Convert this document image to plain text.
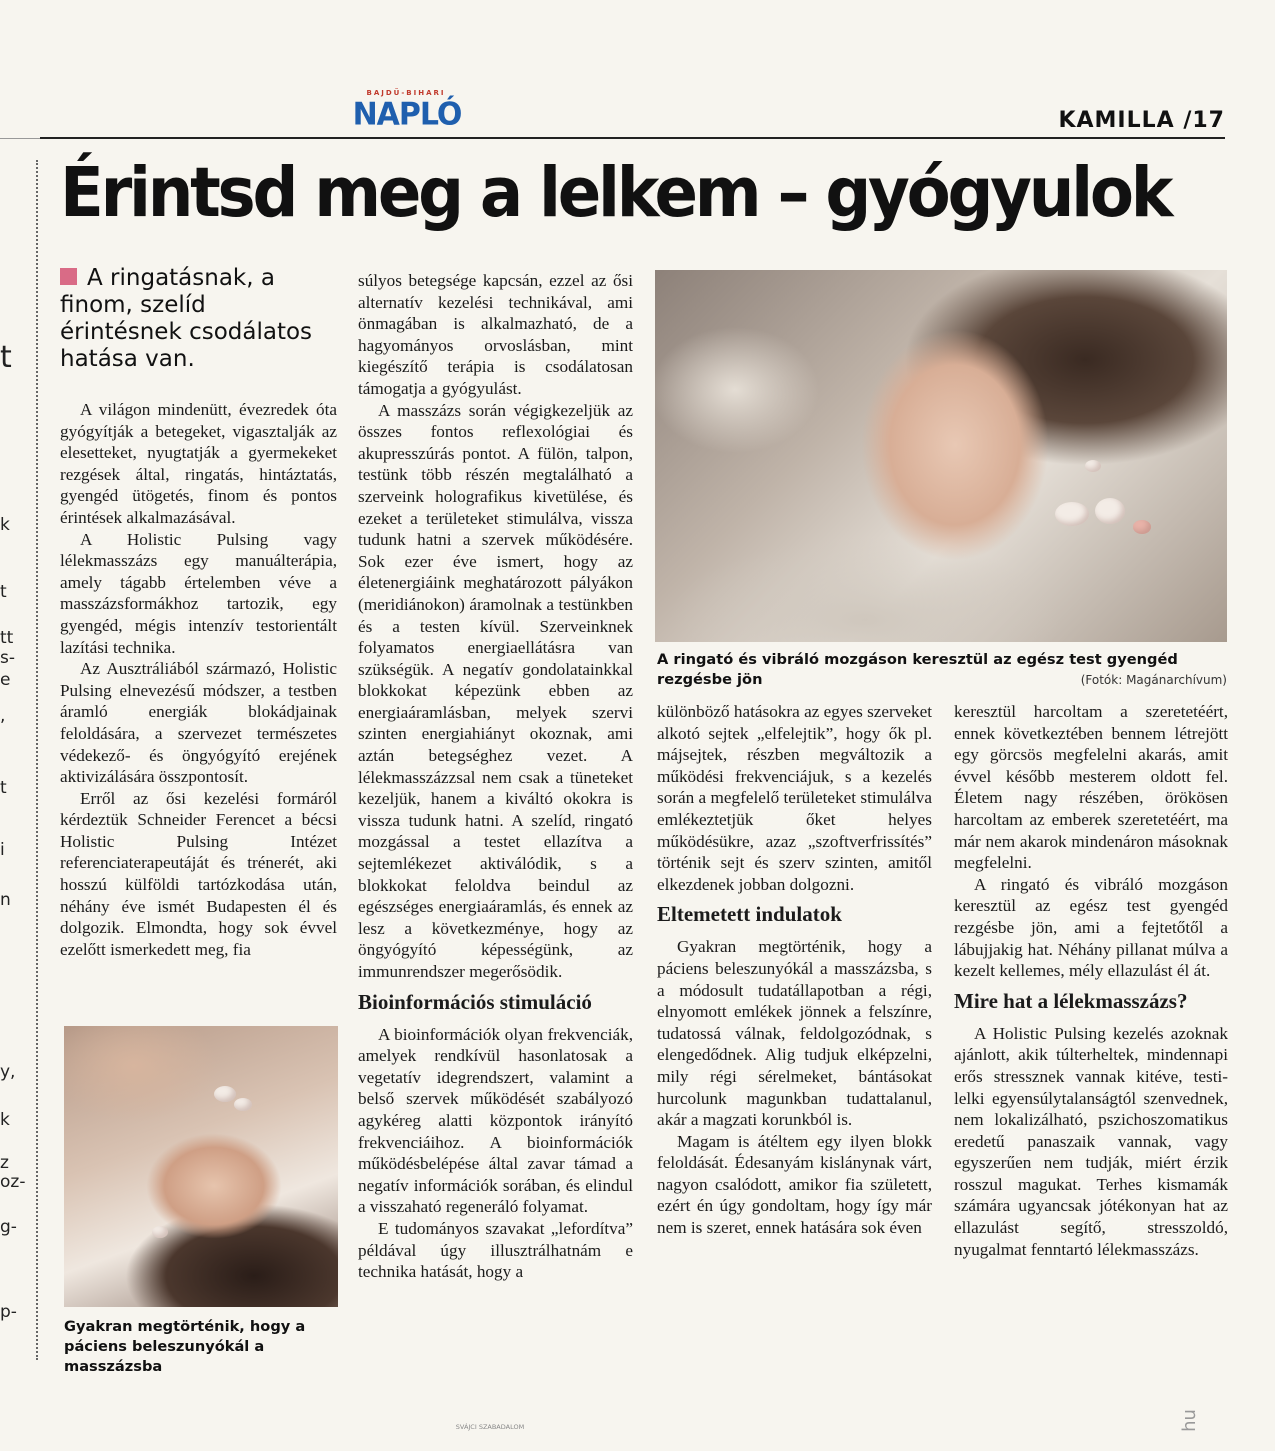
t
k
t
tt
s-
e
,
t
i
n
y,
k
z
oz-
g-
p-
BAJDŰ-BIHARI
NAPLÓ	KAMILLA /17
Érintsd meg a lelkem – gyógyulok
A ringatásnak, a finom, szelíd érintésnek csodálatos hatása van.

A világon mindenütt, évezredek óta gyógyítják a betegeket, vigasztalják az elesetteket, nyugtatják a gyermekeket rezgések által, ringatás, hintáztatás, gyengéd ütögetés, finom és pontos érintések alkalmazásával.

A Holistic Pulsing vagy lélekmasszázs egy manuálterápia, amely tágabb értelemben véve a masszázsformákhoz tartozik, egy gyengéd, mégis intenzív testorientált lazítási technika.

Az Ausztráliából származó, Holistic Pulsing elnevezésű módszer, a testben áramló energiák blokádjainak feloldására, a szervezet természetes védekező- és öngyógyító erejének aktivizálására összpontosít.

Erről az ősi kezelési formáról kérdeztük Schneider Ferencet a bécsi Holistic Pulsing Intézet referenciaterapeutáját és trénerét, aki hosszú külföldi tartózkodása után, néhány éve ismét Budapesten él és dolgozik. Elmondta, hogy sok évvel ezelőtt ismerkedett meg, fia

Gyakran megtörténik, hogy a páciens beleszunyókál a masszázsba

súlyos betegsége kapcsán, ezzel az ősi alternatív kezelési technikával, ami önmagában is alkalmazható, de a hagyományos orvoslásban, mint kiegészítő terápia is csodálatosan támogatja a gyógyulást.

A masszázs során végigkezeljük az összes fontos reflexológiai és akupresszúrás pontot. A fülön, talpon, testünk több részén megtalálható a szerveink holografikus kivetülése, és ezeket a területeket stimulálva, vissza tudunk hatni a szervek működésére. Sok ezer éve ismert, hogy az életenergiáink meghatározott pályákon (meridiánokon) áramolnak a testünkben és a testen kívül. Szerveinknek folyamatos energiaellátásra van szükségük. A negatív gondolatainkkal blokkokat képezünk ebben az energiaáramlásban, melyek szervi szinten energiahiányt okoznak, ami aztán betegséghez vezet. A lélekmasszázzsal nem csak a tüneteket kezeljük, hanem a kiváltó okokra is vissza tudunk hatni. A szelíd, ringató mozgással a testet ellazítva a sejtemlékezet aktiválódik, s a blokkokat feloldva beindul az egészséges energiaáramlás, és ennek az lesz a következménye, hogy az öngyógyító képességünk, az immunrendszer megerősödik.

Bioinformációs stimuláció

A bioinformációk olyan frekvenciák, amelyek rendkívül hasonlatosak a vegetatív idegrendszert, valamint a belső szervek működését szabályozó agykéreg alatti központok irányító frekvenciáihoz. A bioinformációk működésbelépése által zavar támad a negatív információk sorában, és elindul a visszaható regeneráló folyamat.

E tudományos szavakat „lefordítva” példával úgy illusztrálhatnám e technika hatását, hogy a

A ringató és vibráló mozgáson keresztül az egész test gyengéd rezgésbe jön	(Fotók: Magánarchívum)

különböző hatásokra az egyes szerveket alkotó sejtek „elfelejtik”, hogy ők pl. májsejtek, részben megváltozik a működési frekvenciájuk, s a kezelés során a megfelelő területeket stimulálva emlékeztetjük őket helyes működésükre, azaz „szoftverfrissítés” történik sejt és szerv szinten, amitől elkezdenek jobban dolgozni.

Eltemetett indulatok

Gyakran megtörténik, hogy a páciens beleszunyókál a masszázsba, s a módosult tudatállapotban a régi, elnyomott emlékek jönnek a felszínre, tudatossá válnak, feldolgozódnak, s elengedődnek. Alig tudjuk elképzelni, mily régi sérelmeket, bántásokat hurcolunk magunkban tudattalanul, akár a magzati korunkból is.

Magam is átéltem egy ilyen blokk feloldását. Édesanyám kislánynak várt, nagyon csalódott, amikor fia született, ezért én úgy gondoltam, hogy így már nem is szeret, ennek hatására sok éven

keresztül harcoltam a szeretetéért, ennek következtében bennem létrejött egy görcsös megfelelni akarás, amit évvel később mesterem oldott fel. Életem nagy részében, örökösen harcoltam az emberek szeretetéért, ma már nem akarok mindenáron másoknak megfelelni.

A ringató és vibráló mozgáson keresztül az egész test gyengéd rezgésbe jön, ami a fejtetőtől a lábujjakig hat. Néhány pillanat múlva a kezelt kellemes, mély ellazulást él át.

Mire hat a lélekmasszázs?

A Holistic Pulsing kezelés azoknak ajánlott, akik túlterheltek, mindennapi erős stressznek vannak kitéve, testi-lelki egyensúlytalanságtól szenvednek, nem lokalizálható, pszichoszomatikus eredetű panaszaik vannak, vagy egyszerűen nem tudják, miért érzik rosszul magukat. Terhes kismamák számára ugyancsak jótékonyan hat az ellazulást segítő, stresszoldó, nyugalmat fenntartó lélekmasszázs.

SVÁJCI SZABADALOM	hu
